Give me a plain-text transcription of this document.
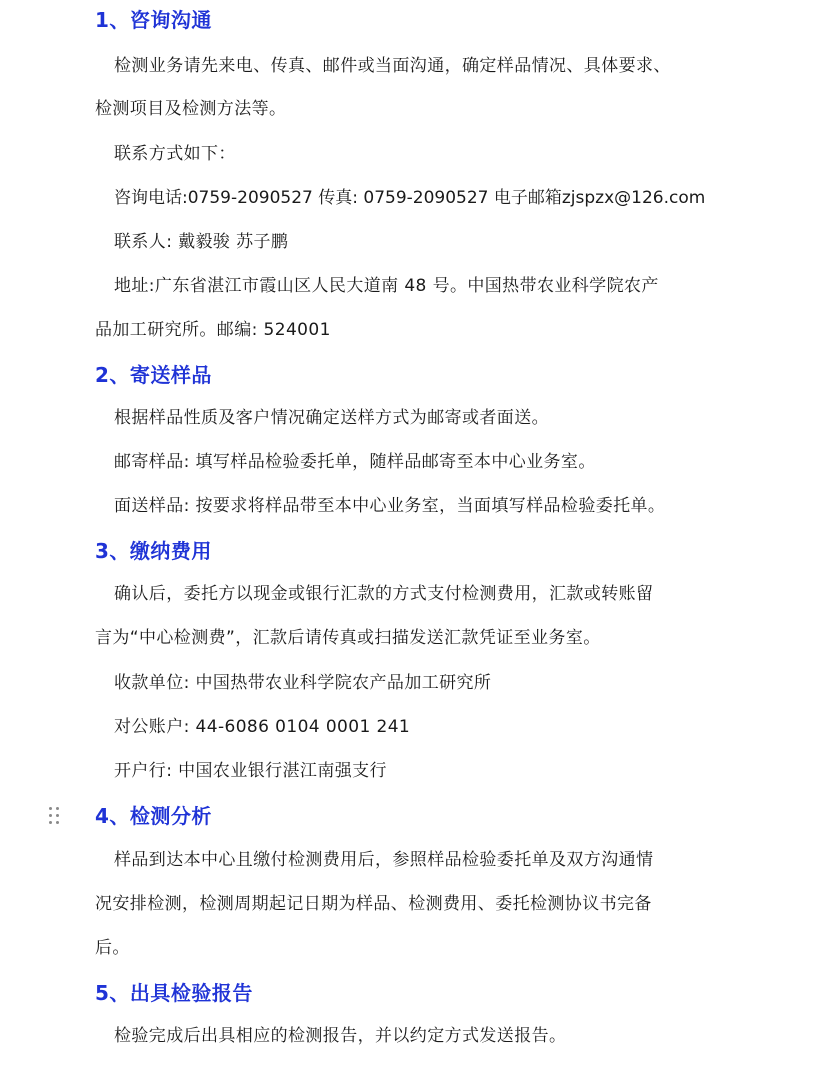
1、咨询沟通
检测业务请先来电、传真、邮件或当面沟通，确定样品情况、具体要求、
检测项目及检测方法等。
联系方式如下：
咨询电话:0759-2090527 传真: 0759-2090527 电子邮箱zjspzx@126.com
联系人: 戴毅骏 苏子鹏
地址:广东省湛江市霞山区人民大道南 48 号。中国热带农业科学院农产
品加工研究所。邮编: 524001
2、寄送样品
根据样品性质及客户情况确定送样方式为邮寄或者面送。
邮寄样品: 填写样品检验委托单，随样品邮寄至本中心业务室。
面送样品: 按要求将样品带至本中心业务室，当面填写样品检验委托单。
3、缴纳费用
确认后，委托方以现金或银行汇款的方式支付检测费用，汇款或转账留
言为“中心检测费”，汇款后请传真或扫描发送汇款凭证至业务室。
收款单位: 中国热带农业科学院农产品加工研究所
对公账户: 44-6086 0104 0001 241
开户行: 中国农业银行湛江南强支行
4、检测分析
样品到达本中心且缴付检测费用后，参照样品检验委托单及双方沟通情
况安排检测，检测周期起记日期为样品、检测费用、委托检测协议书完备
后。
5、出具检验报告
检验完成后出具相应的检测报告，并以约定方式发送报告。
